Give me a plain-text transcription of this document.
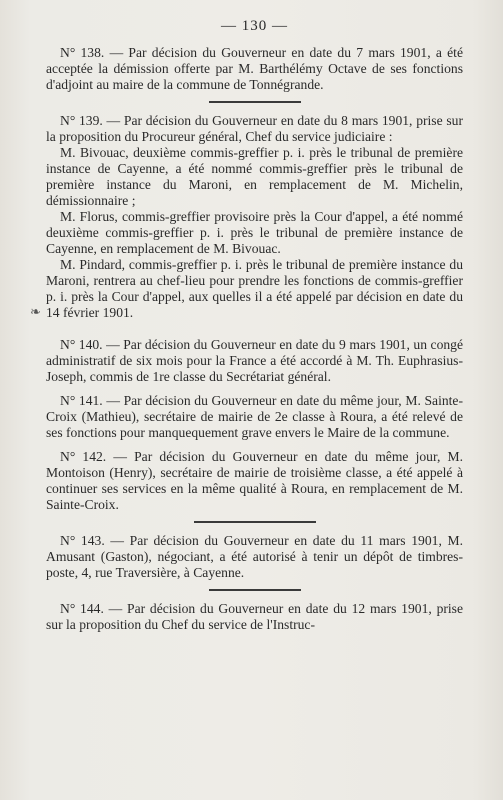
— 130 —

N° 138. — Par décision du Gouverneur en date du 7 mars 1901, a été acceptée la démission offerte par M. Barthélémy Octave de ses fonctions d'adjoint au maire de la commune de Tonnégrande.

N° 139. — Par décision du Gouverneur en date du 8 mars 1901, prise sur la proposition du Procureur général, Chef du service judiciaire :

M. Bivouac, deuxième commis-greffier p. i. près le tribunal de première instance de Cayenne, a été nommé commis-greffier près le tribunal de première instance du Maroni, en remplacement de M. Michelin, démissionnaire ;

M. Florus, commis-greffier provisoire près la Cour d'appel, a été nommé deuxième commis-greffier p. i. près le tribunal de première instance de Cayenne, en remplacement de M. Bivouac.

M. Pindard, commis-greffier p. i. près le tribunal de première instance du Maroni, rentrera au chef-lieu pour prendre les fonctions de commis-greffier p. i. près la Cour d'appel, aux quelles il a été appelé par décision en date du 14 février 1901.

N° 140. — Par décision du Gouverneur en date du 9 mars 1901, un congé administratif de six mois pour la France a été accordé à M. Th. Euphrasius-Joseph, commis de 1re classe du Secrétariat général.

N° 141. — Par décision du Gouverneur en date du même jour, M. Sainte-Croix (Mathieu), secrétaire de mairie de 2e classe à Roura, a été relevé de ses fonctions pour manquequement grave envers le Maire de la commune.

N° 142. — Par décision du Gouverneur en date du même jour, M. Montoison (Henry), secrétaire de mairie de troisième classe, a été appelé à continuer ses services en la même qualité à Roura, en remplacement de M. Sainte-Croix.

N° 143. — Par décision du Gouverneur en date du 11 mars 1901, M. Amusant (Gaston), négociant, a été autorisé à tenir un dépôt de timbres-poste, 4, rue Traversière, à Cayenne.

N° 144. — Par décision du Gouverneur en date du 12 mars 1901, prise sur la proposition du Chef du service de l'Instruc-

❧
